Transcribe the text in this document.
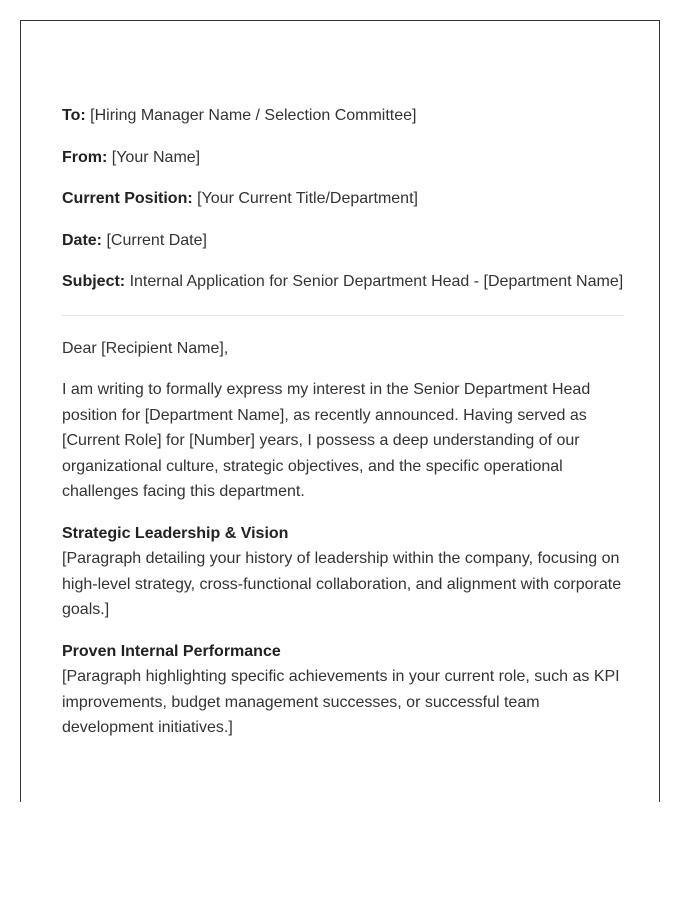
To: [Hiring Manager Name / Selection Committee]

From: [Your Name]

Current Position: [Your Current Title/Department]

Date: [Current Date]

Subject: Internal Application for Senior Department Head - [Department Name]

Dear [Recipient Name],

I am writing to formally express my interest in the Senior Department Head position for [Department Name], as recently announced. Having served as [Current Role] for [Number] years, I possess a deep understanding of our organizational culture, strategic objectives, and the specific operational challenges facing this department.

Strategic Leadership & Vision

[Paragraph detailing your history of leadership within the company, focusing on high-level strategy, cross-functional collaboration, and alignment with corporate goals.]

Proven Internal Performance

[Paragraph highlighting specific achievements in your current role, such as KPI improvements, budget management successes, or successful team development initiatives.]
